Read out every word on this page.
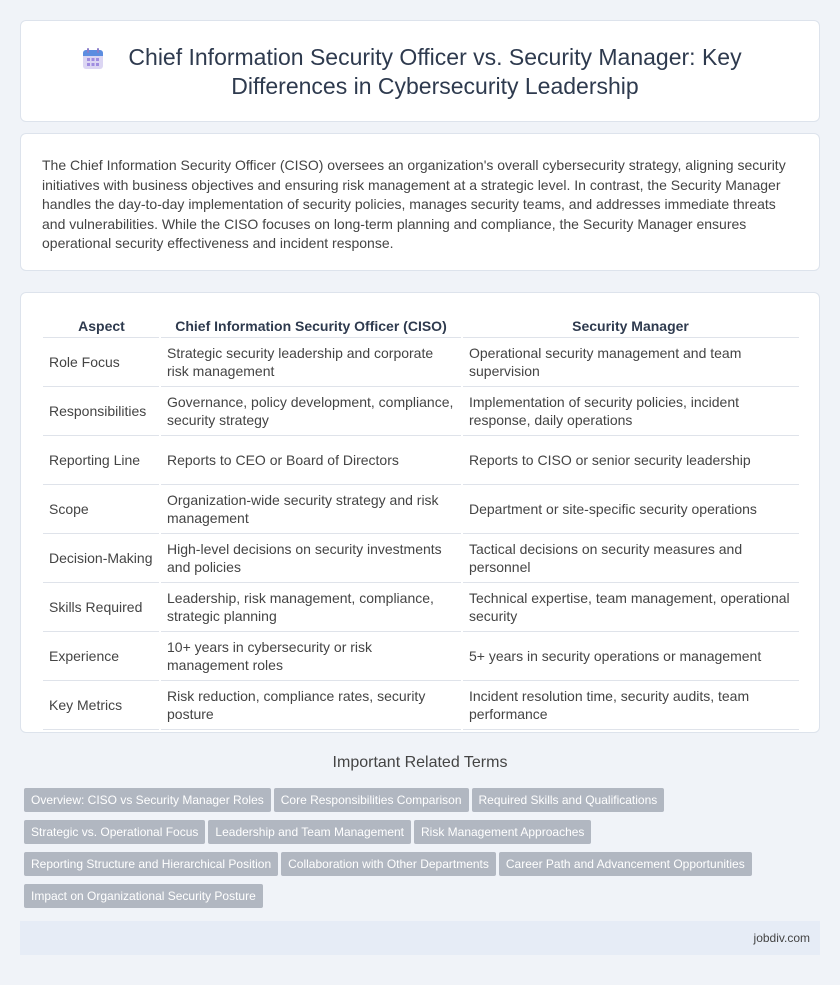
Chief Information Security Officer vs. Security Manager: Key Differences in Cybersecurity Leadership

The Chief Information Security Officer (CISO) oversees an organization's overall cybersecurity strategy, aligning security initiatives with business objectives and ensuring risk management at a strategic level. In contrast, the Security Manager handles the day-to-day implementation of security policies, manages security teams, and addresses immediate threats and vulnerabilities. While the CISO focuses on long-term planning and compliance, the Security Manager ensures operational security effectiveness and incident response.

Aspect	Chief Information Security Officer (CISO)	Security Manager
Role Focus	Strategic security leadership and corporate risk management	Operational security management and team supervision
Responsibilities	Governance, policy development, compliance, security strategy	Implementation of security policies, incident response, daily operations
Reporting Line	Reports to CEO or Board of Directors	Reports to CISO or senior security leadership
Scope	Organization-wide security strategy and risk management	Department or site-specific security operations
Decision-Making	High-level decisions on security investments and policies	Tactical decisions on security measures and personnel
Skills Required	Leadership, risk management, compliance, strategic planning	Technical expertise, team management, operational security
Experience	10+ years in cybersecurity or risk management roles	5+ years in security operations or management
Key Metrics	Risk reduction, compliance rates, security posture	Incident resolution time, security audits, team performance
Important Related Terms
Overview: CISO vs Security Manager Roles Core Responsibilities Comparison Required Skills and Qualifications
Strategic vs. Operational Focus Leadership and Team Management Risk Management Approaches
Reporting Structure and Hierarchical Position Collaboration with Other Departments Career Path and Advancement Opportunities
Impact on Organizational Security Posture
jobdiv.com
